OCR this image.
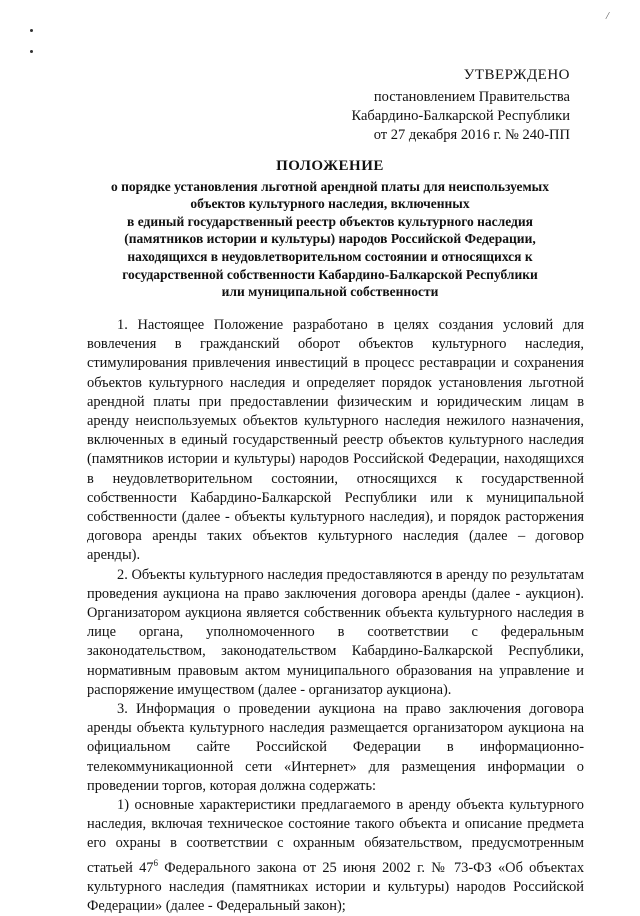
/
УТВЕРЖДЕНО
постановлением Правительства
Кабардино-Балкарской Республики
от 27 декабря 2016 г. № 240-ПП
ПОЛОЖЕНИЕ
о порядке установления льготной арендной платы для неиспользуемых
объектов культурного наследия, включенных
в единый государственный реестр объектов культурного наследия
(памятников истории и культуры) народов Российской Федерации,
находящихся в неудовлетворительном состоянии и относящихся к
государственной собственности Кабардино-Балкарской Республики
или муниципальной собственности

1. Настоящее Положение разработано в целях создания условий для вовлечения в гражданский оборот объектов культурного наследия, стимулирования привлечения инвестиций в процесс реставрации и сохранения объектов культурного наследия и определяет порядок установления льготной арендной платы при предоставлении физическим и юридическим лицам в аренду неиспользуемых объектов культурного наследия нежилого назначения, включенных в единый государственный реестр объектов культурного наследия (памятников истории и культуры) народов Российской Федерации, находящихся в неудовлетворительном состоянии, относящихся к государственной собственности Кабардино-Балкарской Республики или к муниципальной собственности (далее - объекты культурного наследия), и порядок расторжения договора аренды таких объектов культурного наследия (далее – договор аренды).

2. Объекты культурного наследия предоставляются в аренду по результатам проведения аукциона на право заключения договора аренды (далее - аукцион). Организатором аукциона является собственник объекта культурного наследия в лице органа, уполномоченного в соответствии с федеральным законодательством, законодательством Кабардино-Балкарской Республики, нормативным правовым актом муниципального образования на управление и распоряжение имуществом (далее - организатор аукциона).

3. Информация о проведении аукциона на право заключения договора аренды объекта культурного наследия размещается организатором аукциона на официальном сайте Российской Федерации в информационно-телекоммуникационной сети «Интернет» для размещения информации о проведении торгов, которая должна содержать:

1) основные характеристики предлагаемого в аренду объекта культурного наследия, включая техническое состояние такого объекта и описание предмета его охраны в соответствии с охранным обязательством, предусмотренным статьей $47^6$ Федерального закона от 25 июня 2002 г. № 73-ФЗ «Об объектах культурного наследия (памятниках истории и культуры) народов Российской Федерации» (далее - Федеральный закон);
